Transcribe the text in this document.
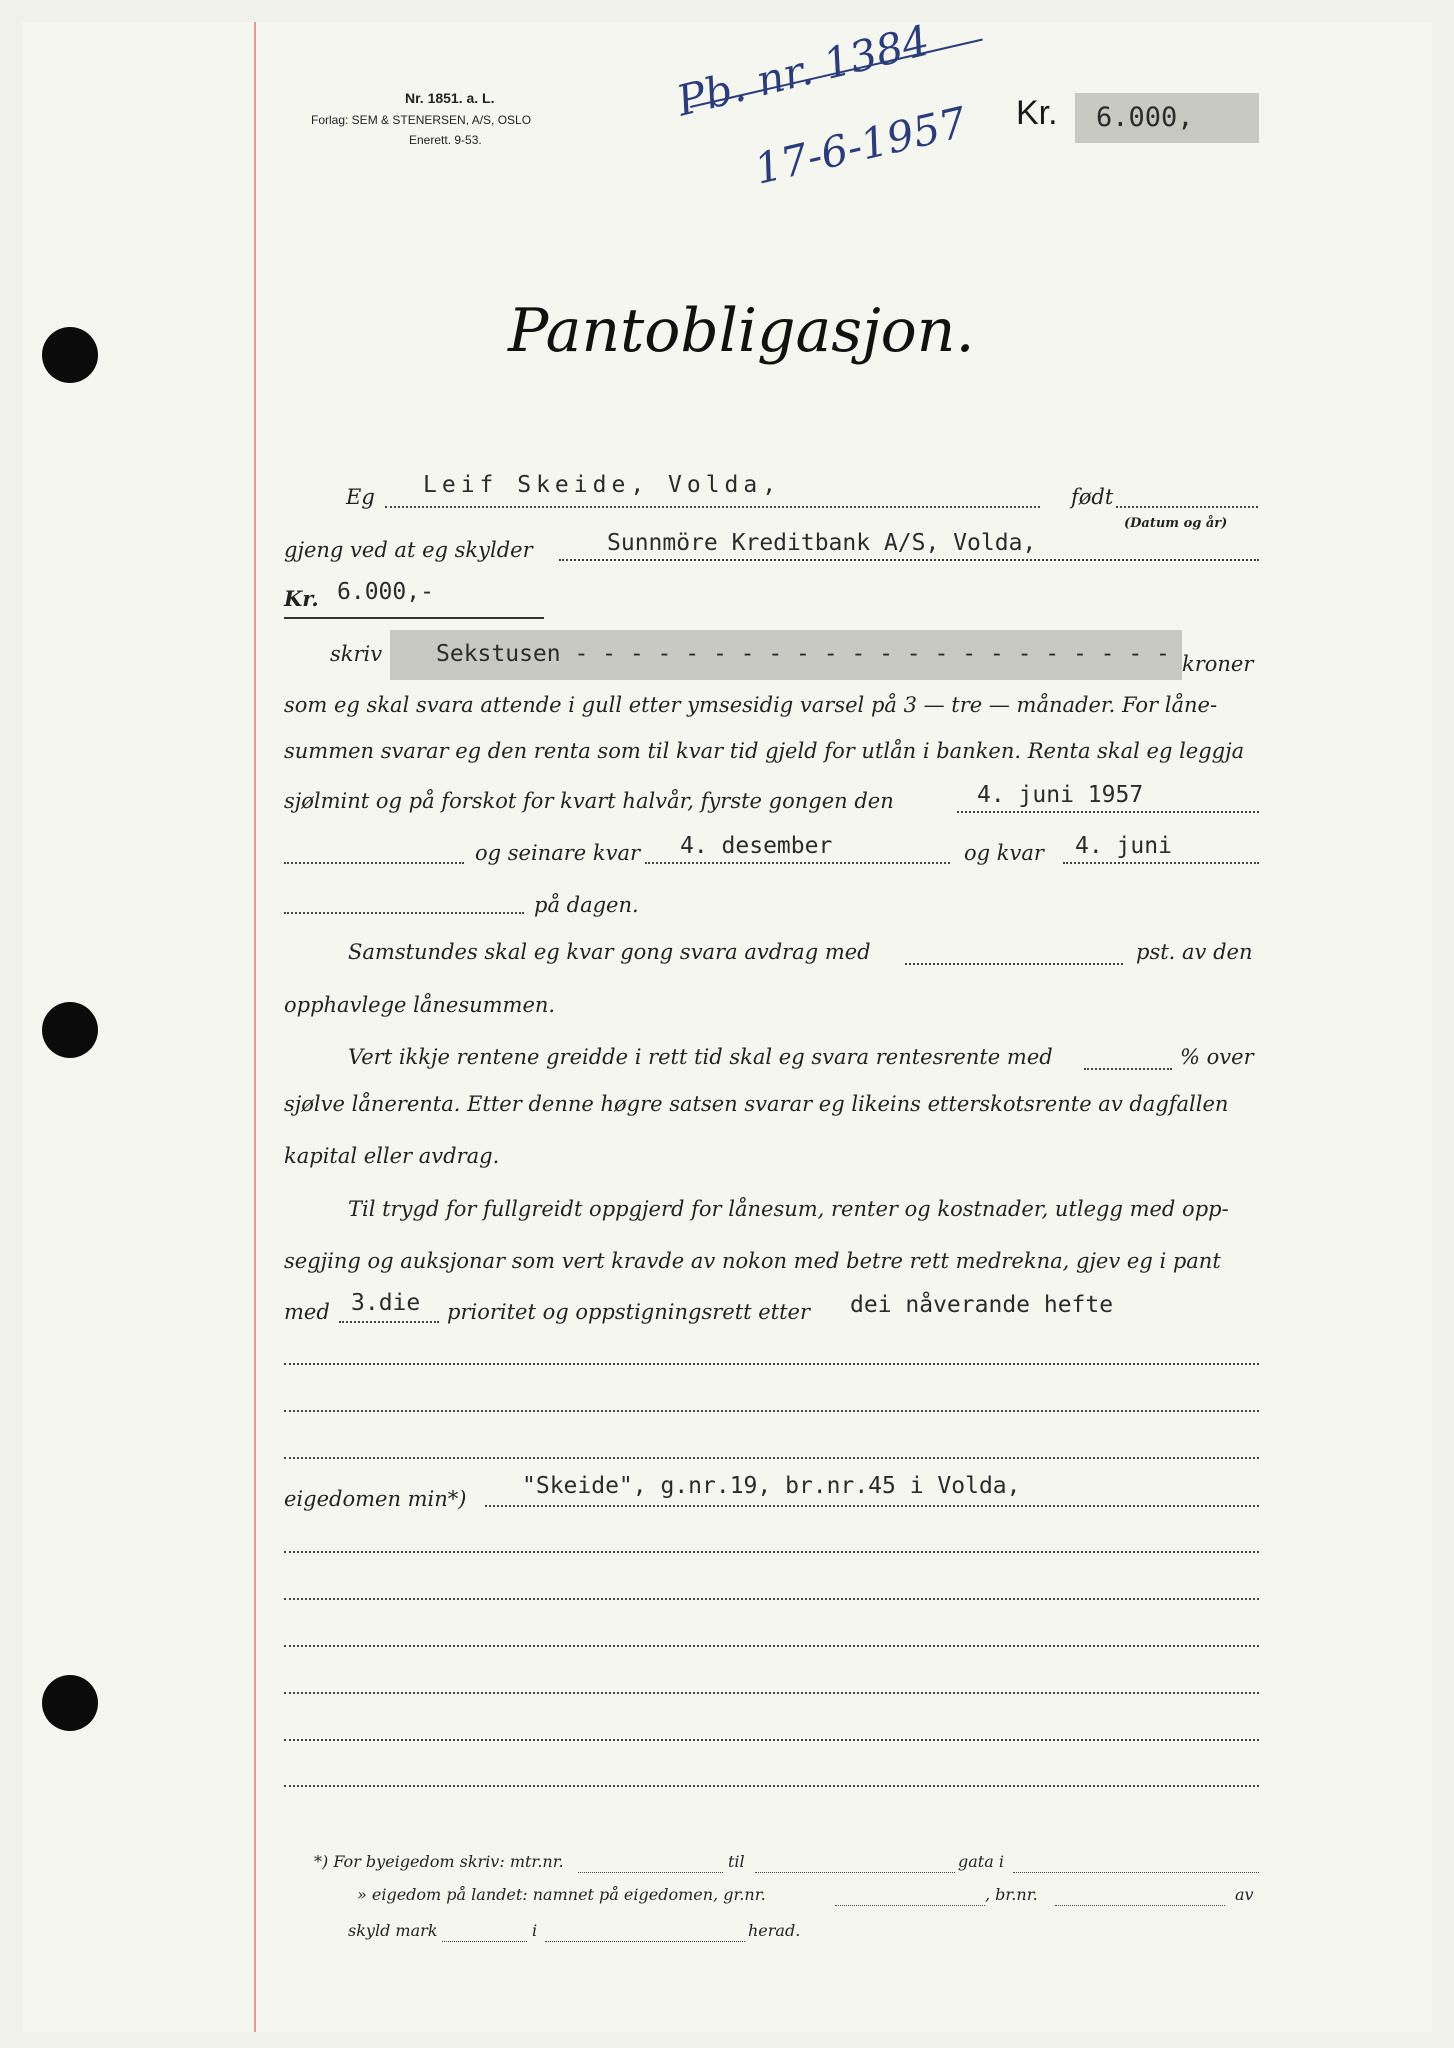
Nr. 1851. a. L.
Forlag: SEM & STENERSEN, A/S, OSLO
Enerett. 9-53.
Pb. nr. 1384
17-6-1957 Kr. 6.000,
Pantobligasjon.
Eg Leif Skeide, Volda,	født
(Datum og år)
gjeng ved at eg skylder	Sunnmöre Kreditbank A/S, Volda,
Kr. 6.000,-
skriv Sekstusen - - - - - - - - - - - - - - - - - - - - - - kroner
som eg skal svara attende i gull etter ymsesidig varsel på 3 — tre — månader. For låne-
summen svarar eg den renta som til kvar tid gjeld for utlån i banken. Renta skal eg leggja
sjølmint og på forskot for kvart halvår, fyrste gongen den	4. juni 1957
og seinare kvar 4. desember	og kvar 4. juni
på dagen.
Samstundes skal eg kvar gong svara avdrag med	pst. av den
opphavlege lånesummen.
Vert ikkje rentene greidde i rett tid skal eg svara rentesrente med	% over
sjølve lånerenta. Etter denne høgre satsen svarar eg likeins etterskotsrente av dagfallen
kapital eller avdrag.
Til trygd for fullgreidt oppgjerd for lånesum, renter og kostnader, utlegg med opp-
segjing og auksjonar som vert kravde av nokon med betre rett medrekna, gjev eg i pant
med 3.die prioritet og oppstigningsrett etter dei nåverande hefte
eigedomen min*) "Skeide", g.nr.19, br.nr.45 i Volda,
*) For byeigedom skriv: mtr.nr.	til	gata i
» eigedom på landet: namnet på eigedomen, gr.nr.	, br.nr.	av
skyld mark	i	herad.
